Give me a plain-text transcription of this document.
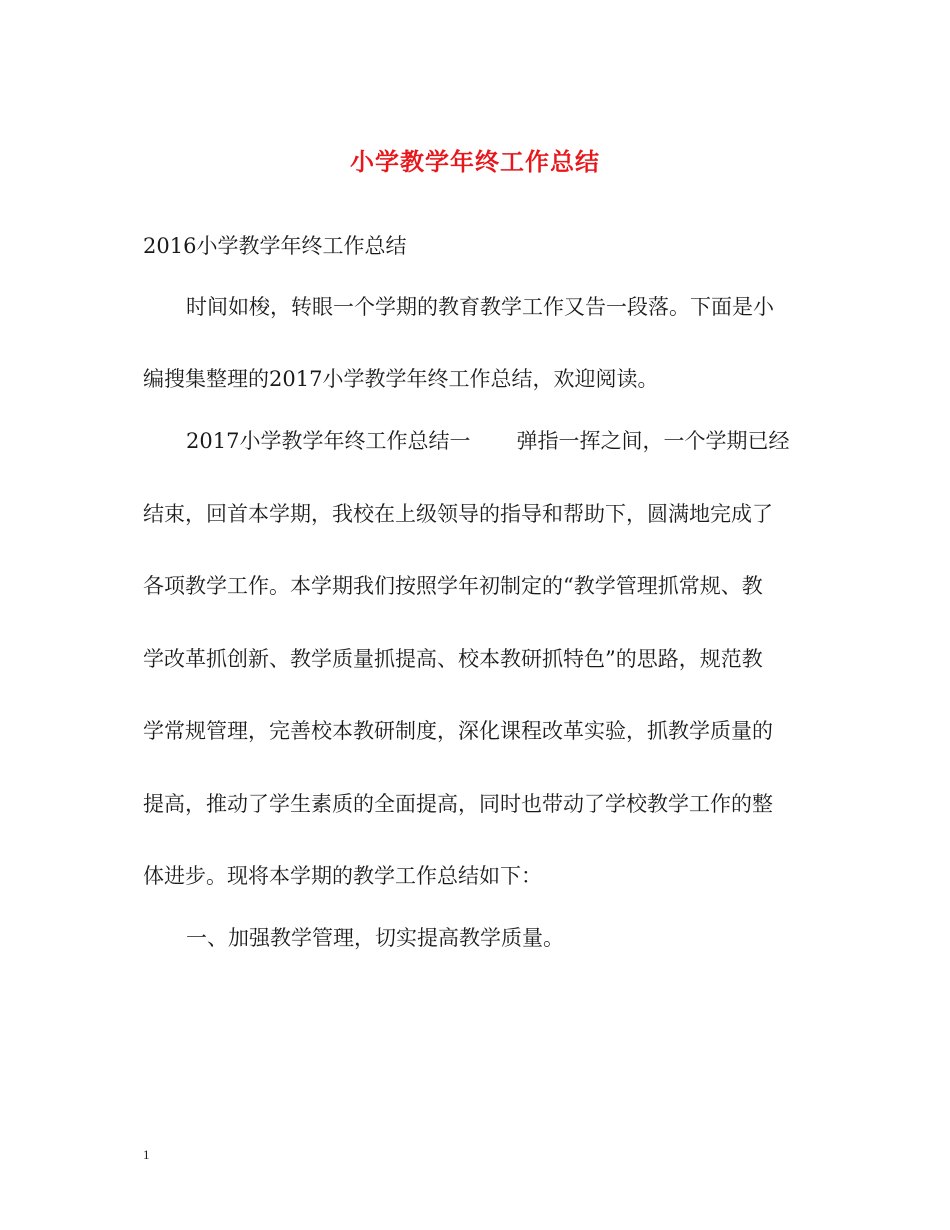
小学教学年终工作总结
2016小学教学年终工作总结
时间如梭，转眼一个学期的教育教学工作又告一段落。下面是小
编搜集整理的2017小学教学年终工作总结，欢迎阅读。
2017小学教学年终工作总结一 弹指一挥之间，一个学期已经
结束，回首本学期，我校在上级领导的指导和帮助下，圆满地完成了
各项教学工作。本学期我们按照学年初制定的“教学管理抓常规、教
学改革抓创新、教学质量抓提高、校本教研抓特色”的思路，规范教
学常规管理，完善校本教研制度，深化课程改革实验，抓教学质量的
提高，推动了学生素质的全面提高，同时也带动了学校教学工作的整
体进步。现将本学期的教学工作总结如下：
一、加强教学管理，切实提高教学质量。
1
